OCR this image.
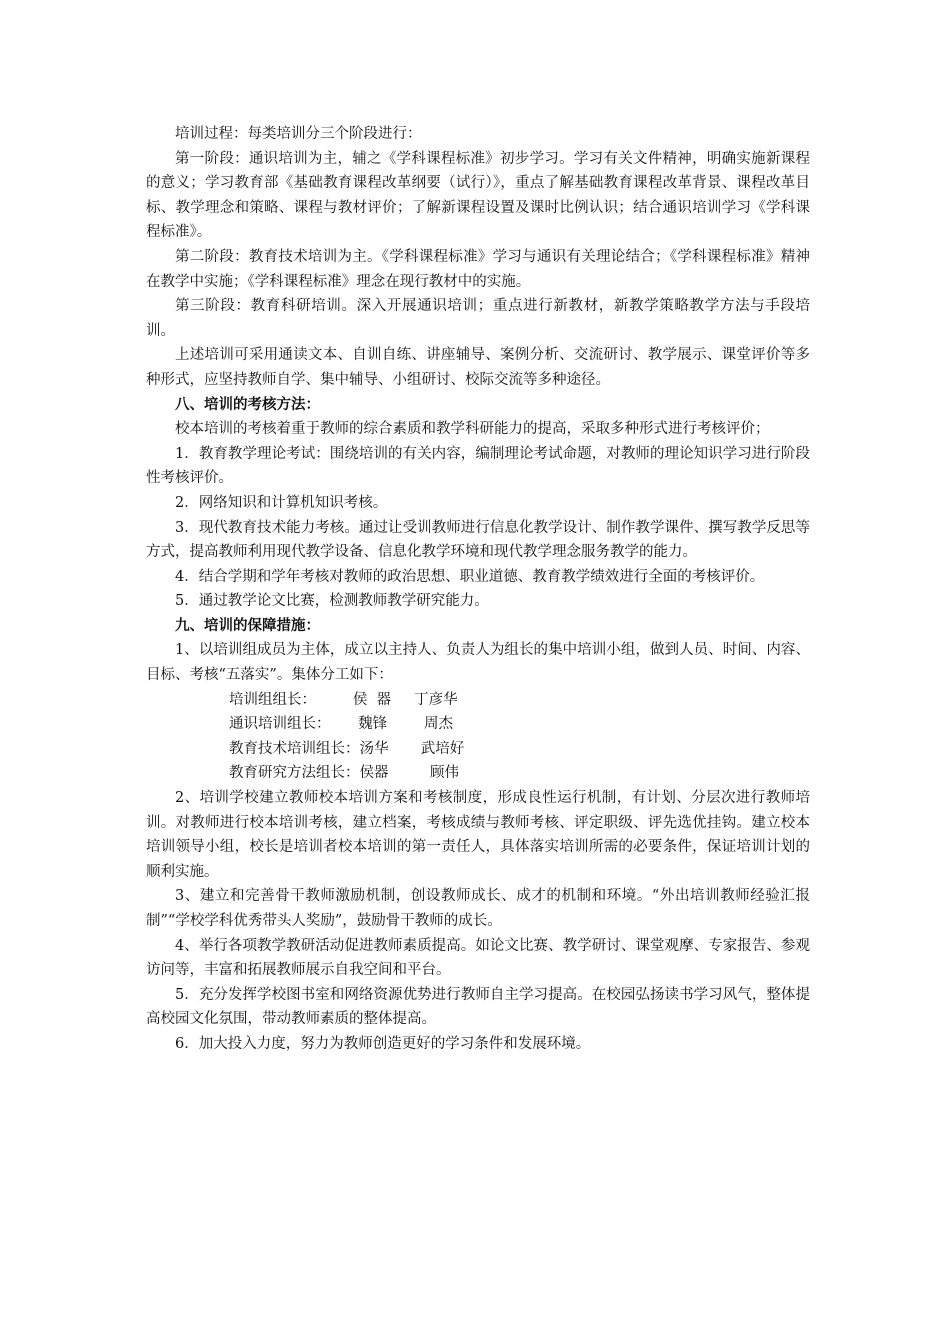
培训过程：每类培训分三个阶段进行：

第一阶段：通识培训为主，辅之《学科课程标准》初步学习。学习有关文件精神，明确实施新课程的意义；学习教育部《基础教育课程改革纲要（试行）》，重点了解基础教育课程改革背景、课程改革目标、教学理念和策略、课程与教材评价；了解新课程设置及课时比例认识；结合通识培训学习《学科课程标准》。

第二阶段：教育技术培训为主。《学科课程标准》学习与通识有关理论结合；《学科课程标准》精神在教学中实施；《学科课程标准》理念在现行教材中的实施。

第三阶段：教育科研培训。深入开展通识培训；重点进行新教材，新教学策略教学方法与手段培训。

上述培训可采用通读文本、自训自练、讲座辅导、案例分析、交流研讨、教学展示、课堂评价等多种形式，应坚持教师自学、集中辅导、小组研讨、校际交流等多种途径。

八、培训的考核方法：

校本培训的考核着重于教师的综合素质和教学科研能力的提高，采取多种形式进行考核评价；

1．教育教学理论考试：围绕培训的有关内容，编制理论考试命题，对教师的理论知识学习进行阶段性考核评价。

2．网络知识和计算机知识考核。

3．现代教育技术能力考核。通过让受训教师进行信息化教学设计、制作教学课件、撰写教学反思等方式，提高教师利用现代教学设备、信息化教学环境和现代教学理念服务教学的能力。

4．结合学期和学年考核对教师的政治思想、职业道德、教育教学绩效进行全面的考核评价。

5．通过教学论文比赛，检测教师教学研究能力。

九、培训的保障措施：

1、以培训组成员为主体，成立以主持人、负责人为组长的集中培训小组，做到人员、时间、内容、目标、考核“五落实”。集体分工如下：

培训组组长：        侯  器     丁彦华

通识培训组长：      魏锋        周杰

教育技术培训组长：汤华       武培好

教育研究方法组长：侯器         顾伟

2、培训学校建立教师校本培训方案和考核制度，形成良性运行机制，有计划、分层次进行教师培训。对教师进行校本培训考核，建立档案，考核成绩与教师考核、评定职级、评先选优挂钩。建立校本培训领导小组，校长是培训者校本培训的第一责任人，具体落实培训所需的必要条件，保证培训计划的顺利实施。

3、建立和完善骨干教师激励机制，创设教师成长、成才的机制和环境。“外出培训教师经验汇报制”“学校学科优秀带头人奖励”，鼓励骨干教师的成长。

4、举行各项教学教研活动促进教师素质提高。如论文比赛、教学研讨、课堂观摩、专家报告、参观访问等，丰富和拓展教师展示自我空间和平台。

5．充分发挥学校图书室和网络资源优势进行教师自主学习提高。在校园弘扬读书学习风气，整体提高校园文化氛围，带动教师素质的整体提高。

6．加大投入力度，努力为教师创造更好的学习条件和发展环境。
